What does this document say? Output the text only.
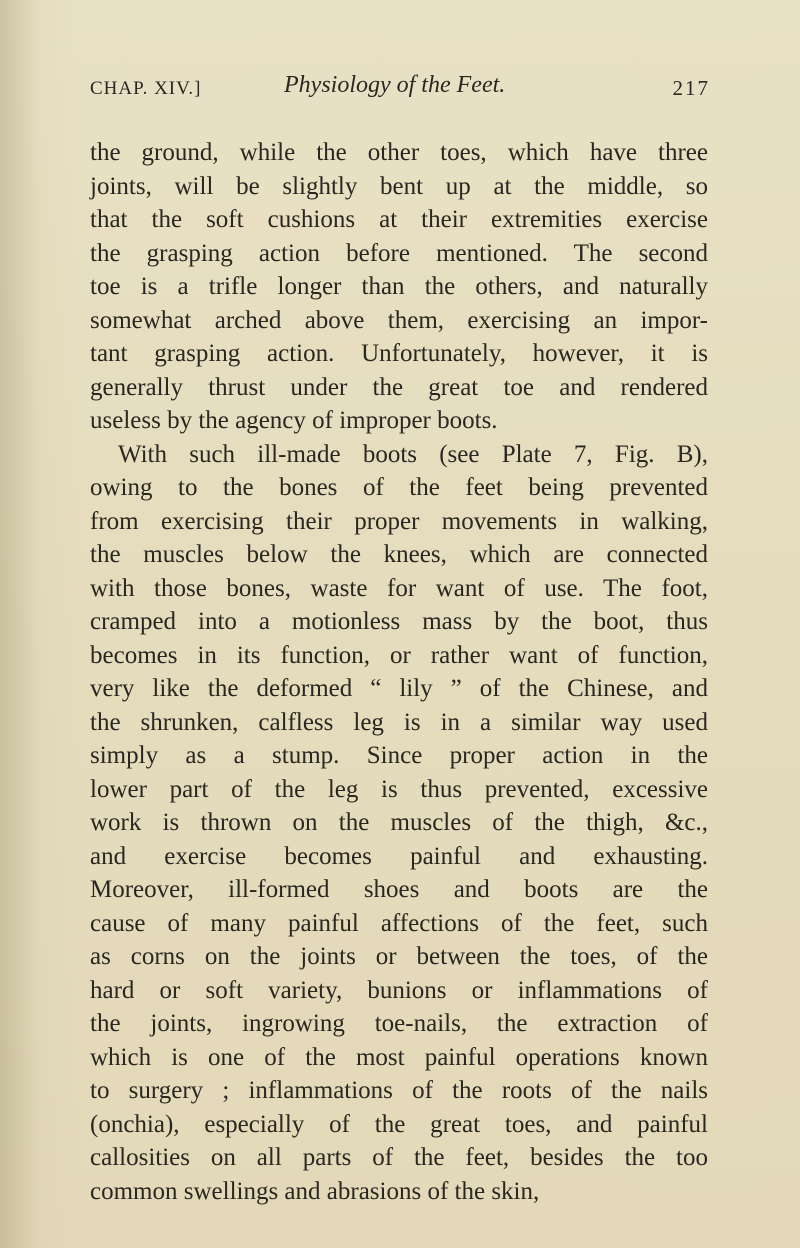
CHAP. XIV.]	Physiology of the Feet.	217
the ground, while the other toes, which have three
joints, will be slightly bent up at the middle, so
that the soft cushions at their extremities exercise
the grasping action before mentioned. The second
toe is a trifle longer than the others, and naturally
somewhat arched above them, exercising an impor-
tant grasping action. Unfortunately, however, it is
generally thrust under the great toe and rendered
useless by the agency of improper boots.
With such ill-made boots (see Plate 7, Fig. B),
owing to the bones of the feet being prevented
from exercising their proper movements in walking,
the muscles below the knees, which are connected
with those bones, waste for want of use. The foot,
cramped into a motionless mass by the boot, thus
becomes in its function, or rather want of function,
very like the deformed “ lily ” of the Chinese, and
the shrunken, calfless leg is in a similar way used
simply as a stump. Since proper action in the
lower part of the leg is thus prevented, excessive
work is thrown on the muscles of the thigh, &c.,
and exercise becomes painful and exhausting.
Moreover, ill-formed shoes and boots are the
cause of many painful affections of the feet, such
as corns on the joints or between the toes, of the
hard or soft variety, bunions or inflammations of
the joints, ingrowing toe-nails, the extraction of
which is one of the most painful operations known
to surgery ; inflammations of the roots of the nails
(onchia), especially of the great toes, and painful
callosities on all parts of the feet, besides the too
common swellings and abrasions of the skin,
